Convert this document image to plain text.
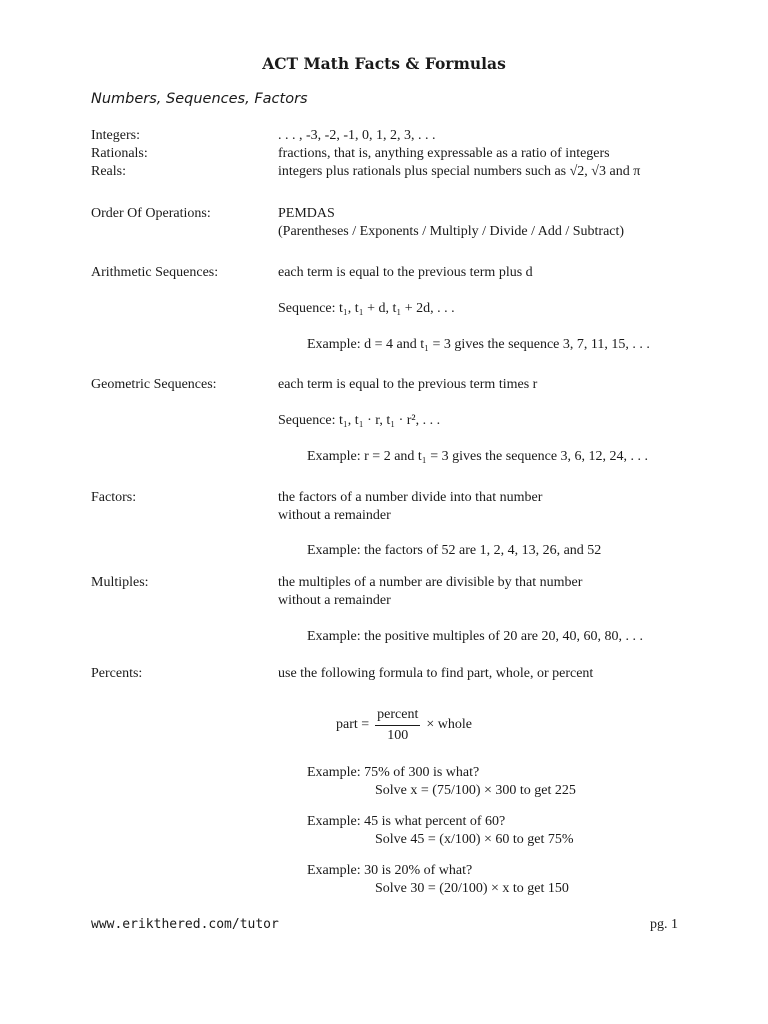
ACT Math Facts & Formulas
Numbers, Sequences, Factors
Integers:	. . . , -3, -2, -1, 0, 1, 2, 3, . . .
Rationals:	fractions, that is, anything expressable as a ratio of integers
Reals:	integers plus rationals plus special numbers such as √2, √3 and π
Order Of Operations:	PEMDAS
(Parentheses / Exponents / Multiply / Divide / Add / Subtract)
Arithmetic Sequences:	each term is equal to the previous term plus d
Sequence: t₁, t₁ + d, t₁ + 2d, . . .
Example: d = 4 and t₁ = 3 gives the sequence 3, 7, 11, 15, . . .
Geometric Sequences:	each term is equal to the previous term times r
Sequence: t₁, t₁ · r, t₁ · r², . . .
Example: r = 2 and t₁ = 3 gives the sequence 3, 6, 12, 24, . . .
Factors:	the factors of a number divide into that number
without a remainder
Example: the factors of 52 are 1, 2, 4, 13, 26, and 52
Multiples:	the multiples of a number are divisible by that number
without a remainder
Example: the positive multiples of 20 are 20, 40, 60, 80, . . .
Percents:	use the following formula to find part, whole, or percent
part = $\frac{\text{percent}}{100}$ × whole
Example: 75% of 300 is what?
Solve x = (75/100) × 300 to get 225
Example: 45 is what percent of 60?
Solve 45 = (x/100) × 60 to get 75%
Example: 30 is 20% of what?
Solve 30 = (20/100) × x to get 150
www.erikthered.com/tutor	pg. 1
